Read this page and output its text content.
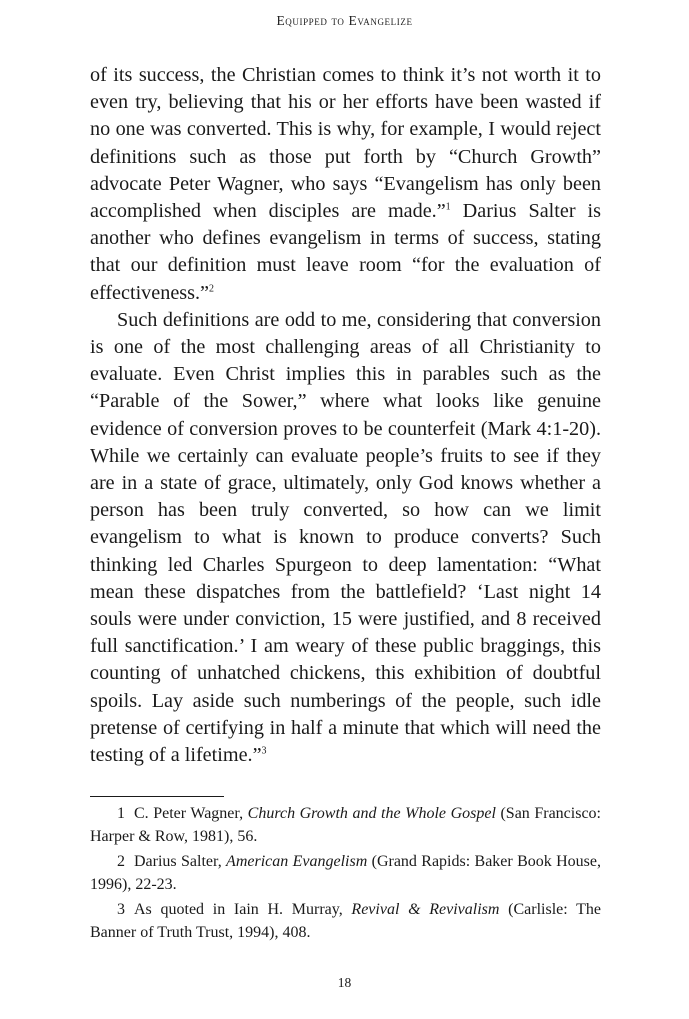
Equipped to Evangelize

of its success, the Christian comes to think it’s not worth it to even try, believing that his or her efforts have been wasted if no one was converted. This is why, for example, I would reject definitions such as those put forth by “Church Growth” advocate Peter Wagner, who says “Evangelism has only been accomplished when disciples are made.”$^1$ Darius Salter is another who defines evangelism in terms of success, stating that our definition must leave room “for the evaluation of effectiveness.”$^2$

Such definitions are odd to me, considering that conversion is one of the most challenging areas of all Christianity to evaluate. Even Christ implies this in parables such as the “Parable of the Sower,” where what looks like genuine evidence of conversion proves to be counterfeit (Mark 4:1-20). While we certainly can evaluate people’s fruits to see if they are in a state of grace, ultimately, only God knows whether a person has been truly converted, so how can we limit evangelism to what is known to produce converts? Such thinking led Charles Spurgeon to deep lamentation: “What mean these dispatches from the battlefield? ‘Last night 14 souls were under conviction, 15 were justified, and 8 received full sanctification.’ I am weary of these public braggings, this counting of unhatched chickens, this exhibition of doubtful spoils. Lay aside such numberings of the people, such idle pretense of certifying in half a minute that which will need the testing of a lifetime.”$^3$

1 C. Peter Wagner, Church Growth and the Whole Gospel (San Francisco: Harper & Row, 1981), 56.

2 Darius Salter, American Evangelism (Grand Rapids: Baker Book House, 1996), 22-23.

3 As quoted in Iain H. Murray, Revival & Revivalism (Carlisle: The Banner of Truth Trust, 1994), 408.

18
